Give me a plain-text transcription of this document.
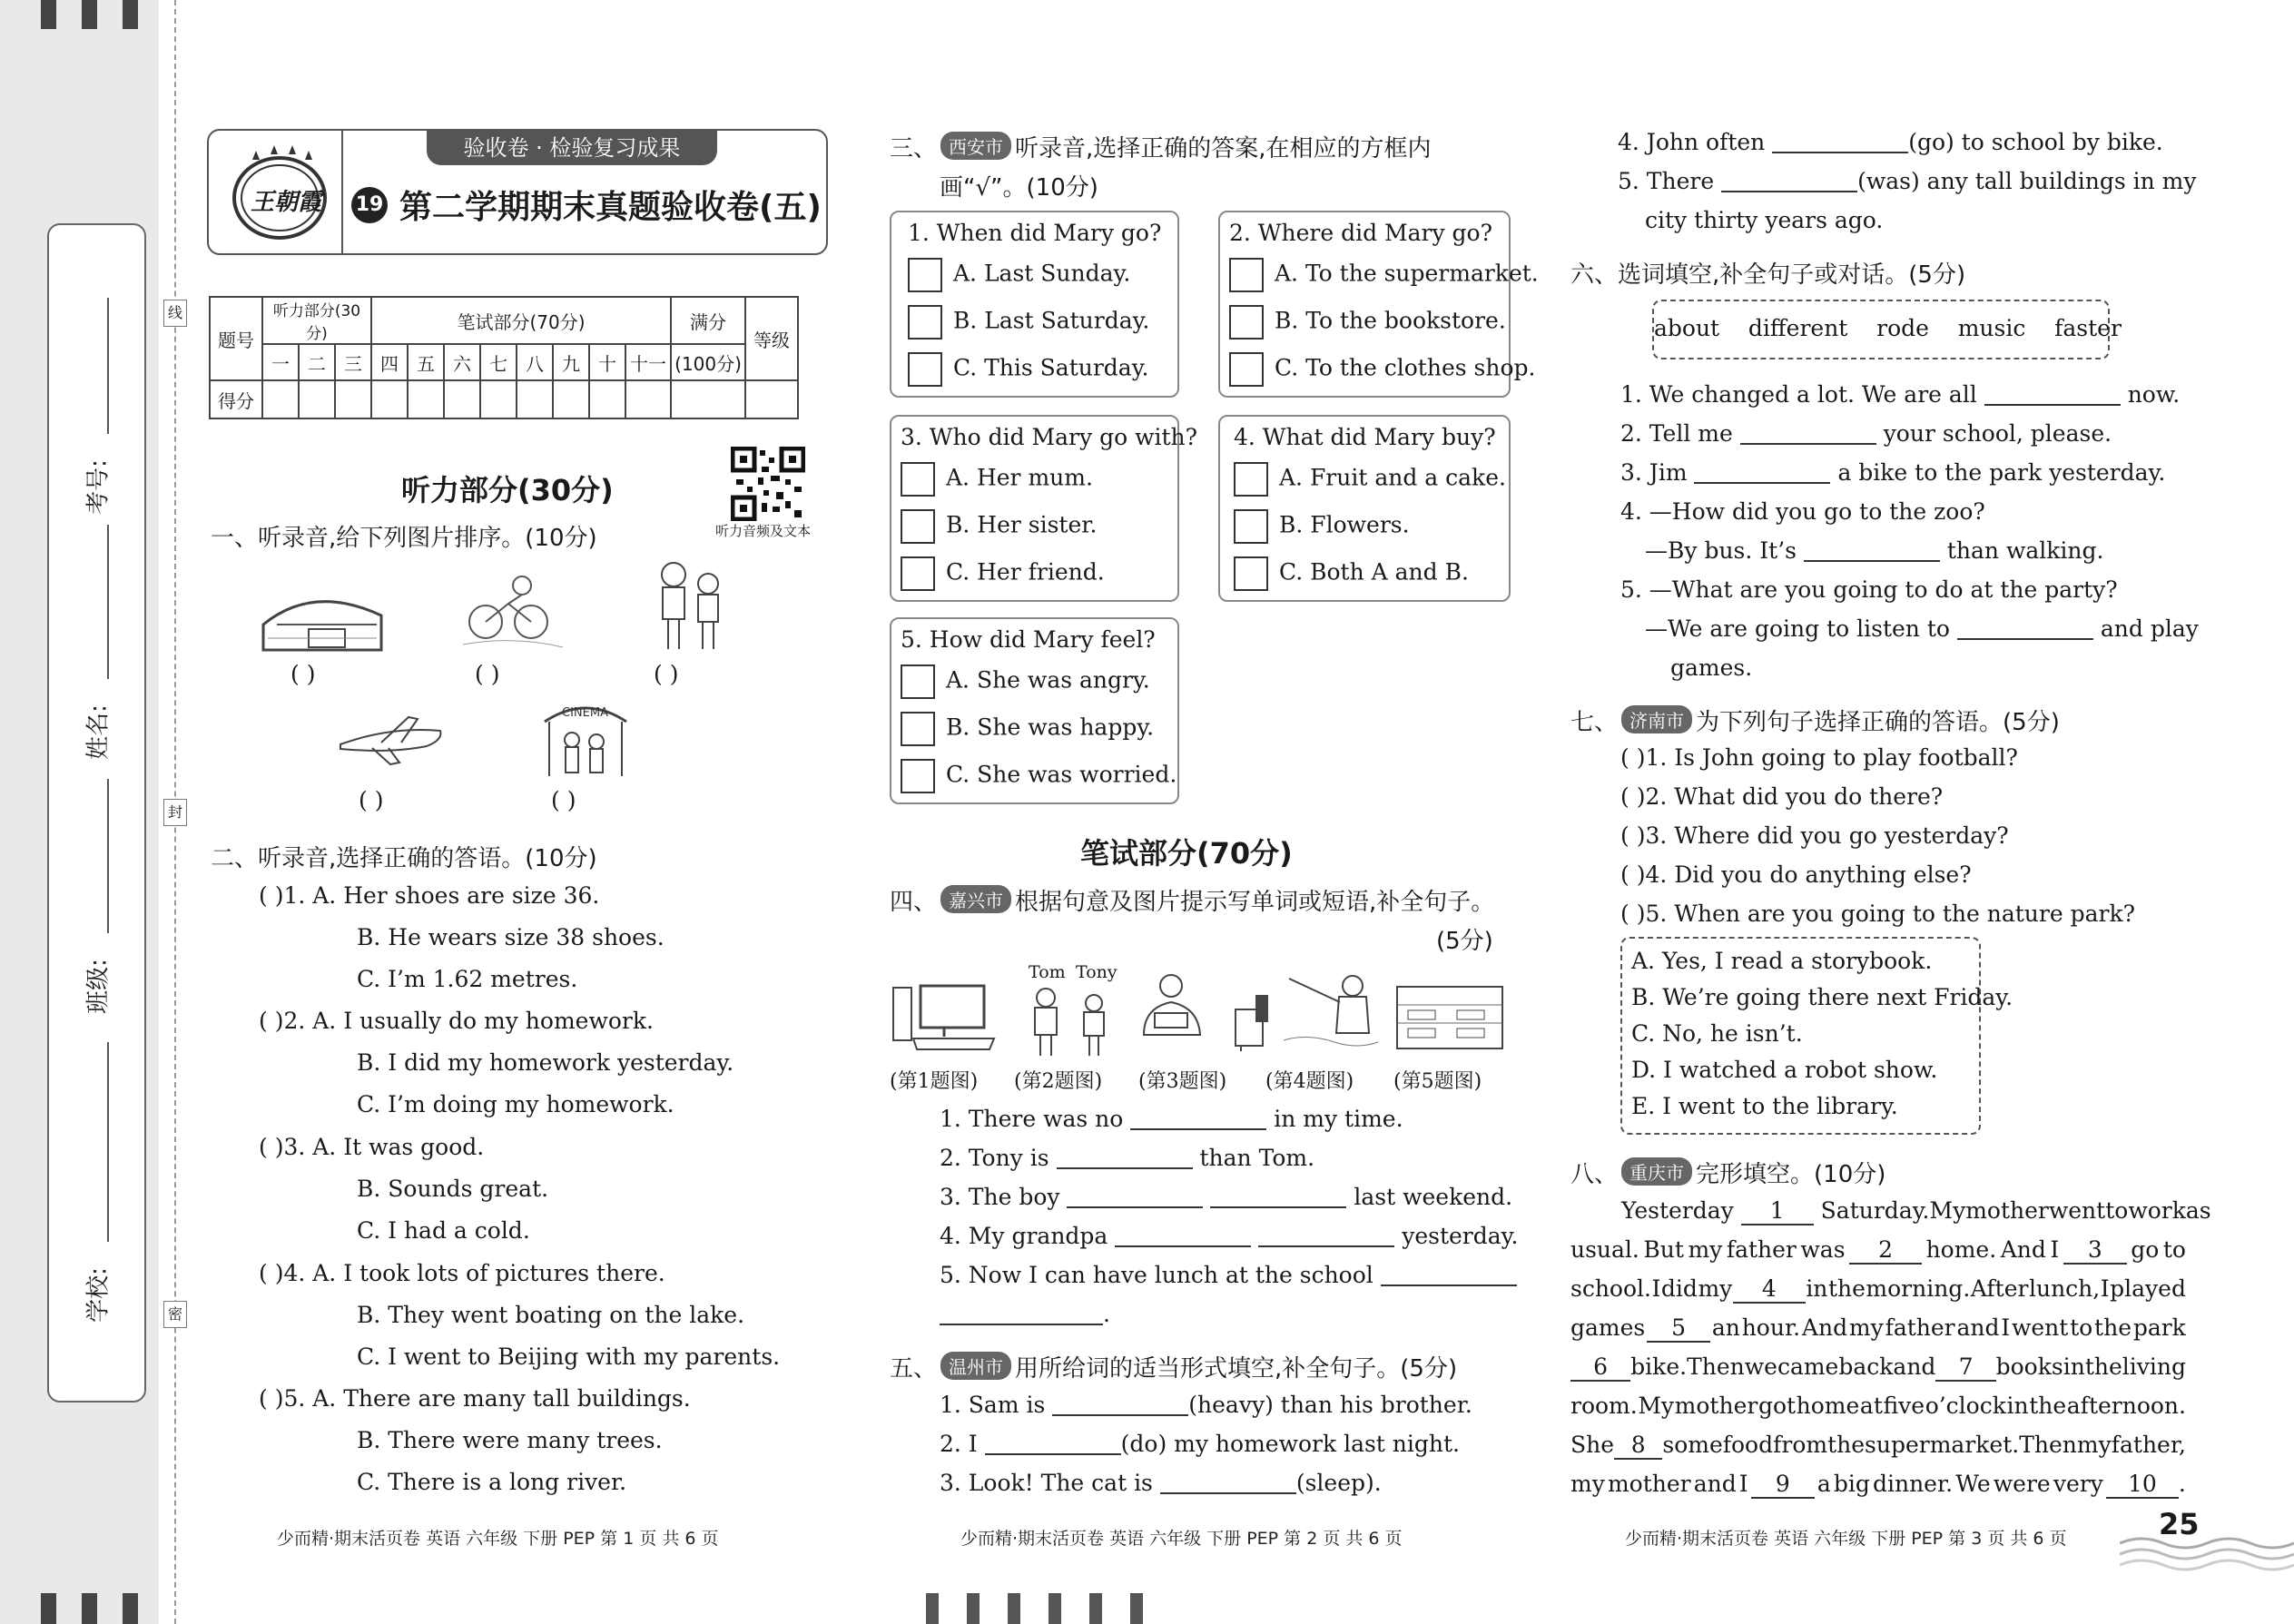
考号:
姓名:
班级:
学校:
线
封
密
王朝霞
验收卷 · 检验复习成果
19 第二学期期末真题验收卷(五)
题号	听力部分(30分)			笔试部分(70分)								满分	等级
	一	二	三	四	五	六	七	八	九	十	十一	(100分)	
得分													
听力部分(30分)
听力音频及文本
一、听录音,给下列图片排序。(10分)
( )	( )	( )
( )
CINEMA
( )
二、听录音,选择正确的答语。(10分)
( )1. A. Her shoes are size 36.
B. He wears size 38 shoes.
C. I’m 1.62 metres.
( )2. A. I usually do my homework.
B. I did my homework yesterday.
C. I’m doing my homework.
( )3. A. It was good.
B. Sounds great.
C. I had a cold.
( )4. A. I took lots of pictures there.
B. They went boating on the lake.
C. I went to Beijing with my parents.
( )5. A. There are many tall buildings.
B. There were many trees.
C. There is a long river.
少而精·期末活页卷 英语 六年级 下册 PEP 第 1 页 共 6 页
三、 西安市 听录音,选择正确的答案,在相应的方框内
画“√”。(10分)
1. When did Mary go?
A. Last Sunday.
B. Last Saturday.
C. This Saturday.
2. Where did Mary go?
A. To the supermarket.
B. To the bookstore.
C. To the clothes shop.
3. Who did Mary go with?
A. Her mum.
B. Her sister.
C. Her friend.
4. What did Mary buy?
A. Fruit and a cake.
B. Flowers.
C. Both A and B.
5. How did Mary feel?
A. She was angry.
B. She was happy.
C. She was worried.
笔试部分(70分)
四、 嘉兴市 根据句意及图片提示写单词或短语,补全句子。
(5分)
Tom Tony
(第1题图) (第2题图) (第3题图) (第4题图) (第5题图)
1. There was no	in my time.
2. Tony is	than Tom.
3. The boy	last weekend.
4. My grandpa	yesterday.
5. Now I can have lunch at the school
.
五、 温州市 用所给词的适当形式填空,补全句子。(5分)
1. Sam is	(heavy) than his brother.
2. I	(do) my homework last night.
3. Look! The cat is	(sleep).
少而精·期末活页卷 英语 六年级 下册 PEP 第 2 页 共 6 页
4. John often	(go) to school by bike.
5. There	(was) any tall buildings in my
city thirty years ago.
六、选词填空,补全句子或对话。(5分)
about    different    rode    music    faster
1. We changed a lot. We are all	now.
2. Tell me	your school, please.
3. Jim	a bike to the park yesterday.
4. —How did you go to the zoo?
—By bus. It’s	than walking.
5. —What are you going to do at the party?
—We are going to listen to	and play
games.
七、 济南市 为下列句子选择正确的答语。(5分)
( )1. Is John going to play football?
( )2. What did you do there?
( )3. Where did you go yesterday?
( )4. Did you do anything else?
( )5. When are you going to the nature park?
A. Yes, I read a storybook.
B. We’re going there next Friday.
C. No, he isn’t.
D. I watched a robot show.
E. I went to the library.
八、 重庆市 完形填空。(10分)
Yesterday 1 Saturday. My mother went to work as
usual. But my father was	2	home. And I	3	go to
school. I did my	4	in the morning. After lunch, I played
games	5	an hour. And my father and I went to the park
6	bike. Then we came back and	7	books in the living
room. My mother got home at five o’clock in the afternoon.
She 8 some food from the supermarket. Then my father,
my mother and I	9	a big dinner. We were very	10 .
少而精·期末活页卷 英语 六年级 下册 PEP 第 3 页 共 6 页	25
